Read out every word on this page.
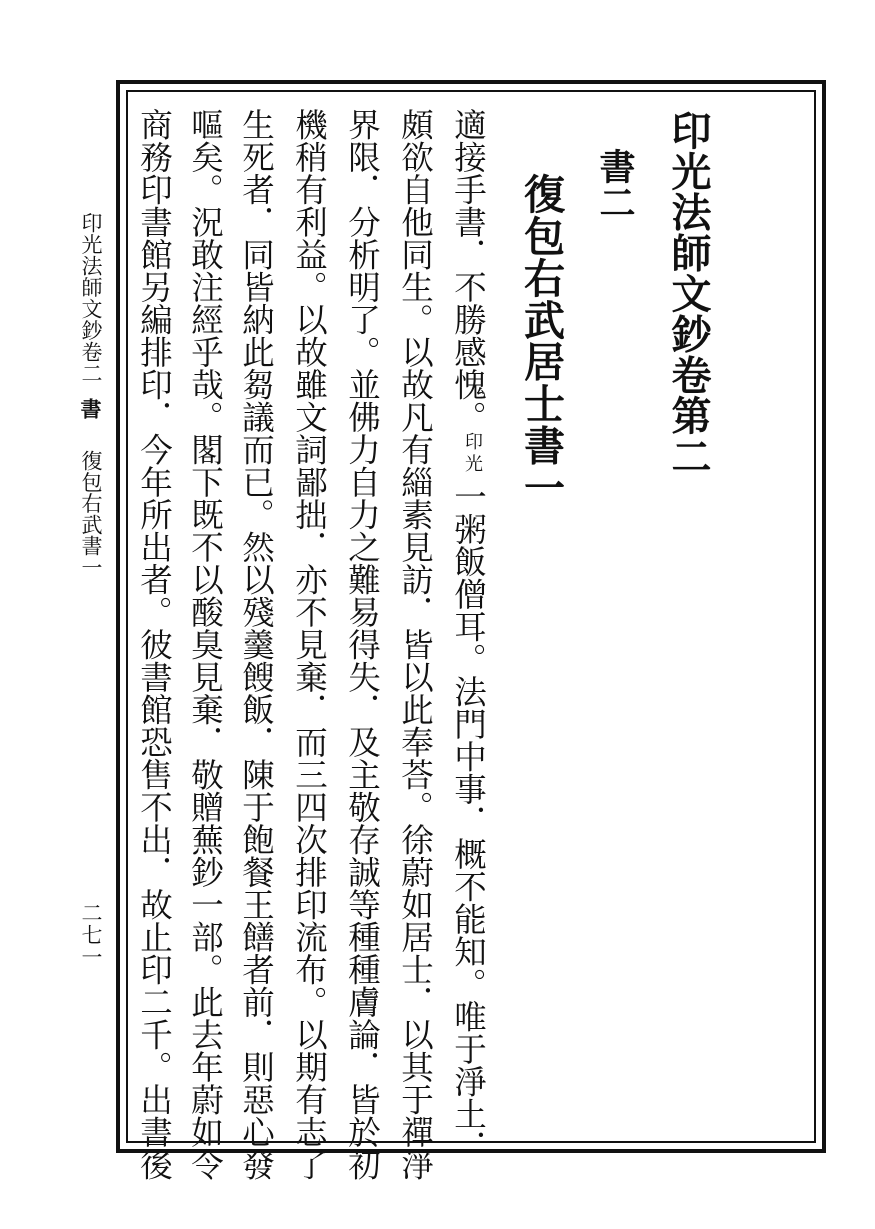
印光法師文鈔卷第二
書二
復包右武居士書一
適接手書．不勝感愧。
印光
一粥飯僧耳。法門中事．概不能知。唯于淨土．
頗欲自他同生。以故凡有緇素見訪．皆以此奉荅。徐蔚如居士．以其于禪淨
界限．分析明了。並佛力自力之難易得失．及主敬存誠等種種膚論．皆於初
機稍有利益。以故雖文詞鄙拙．亦不見棄．而三四次排印流布。以期有志了
生死者．同皆納此芻議而已。然以殘羹餿飯．陳于飽餐王饍者前．則惡心發
嘔矣。況敢注經乎哉。閣下既不以酸臭見棄．敬贈蕪鈔一部。此去年蔚如令
商務印書館另編排印．今年所出者。彼書館恐售不出．故止印二千。出書後
印光法師文鈔卷二
書
復包右武書一
二七一
